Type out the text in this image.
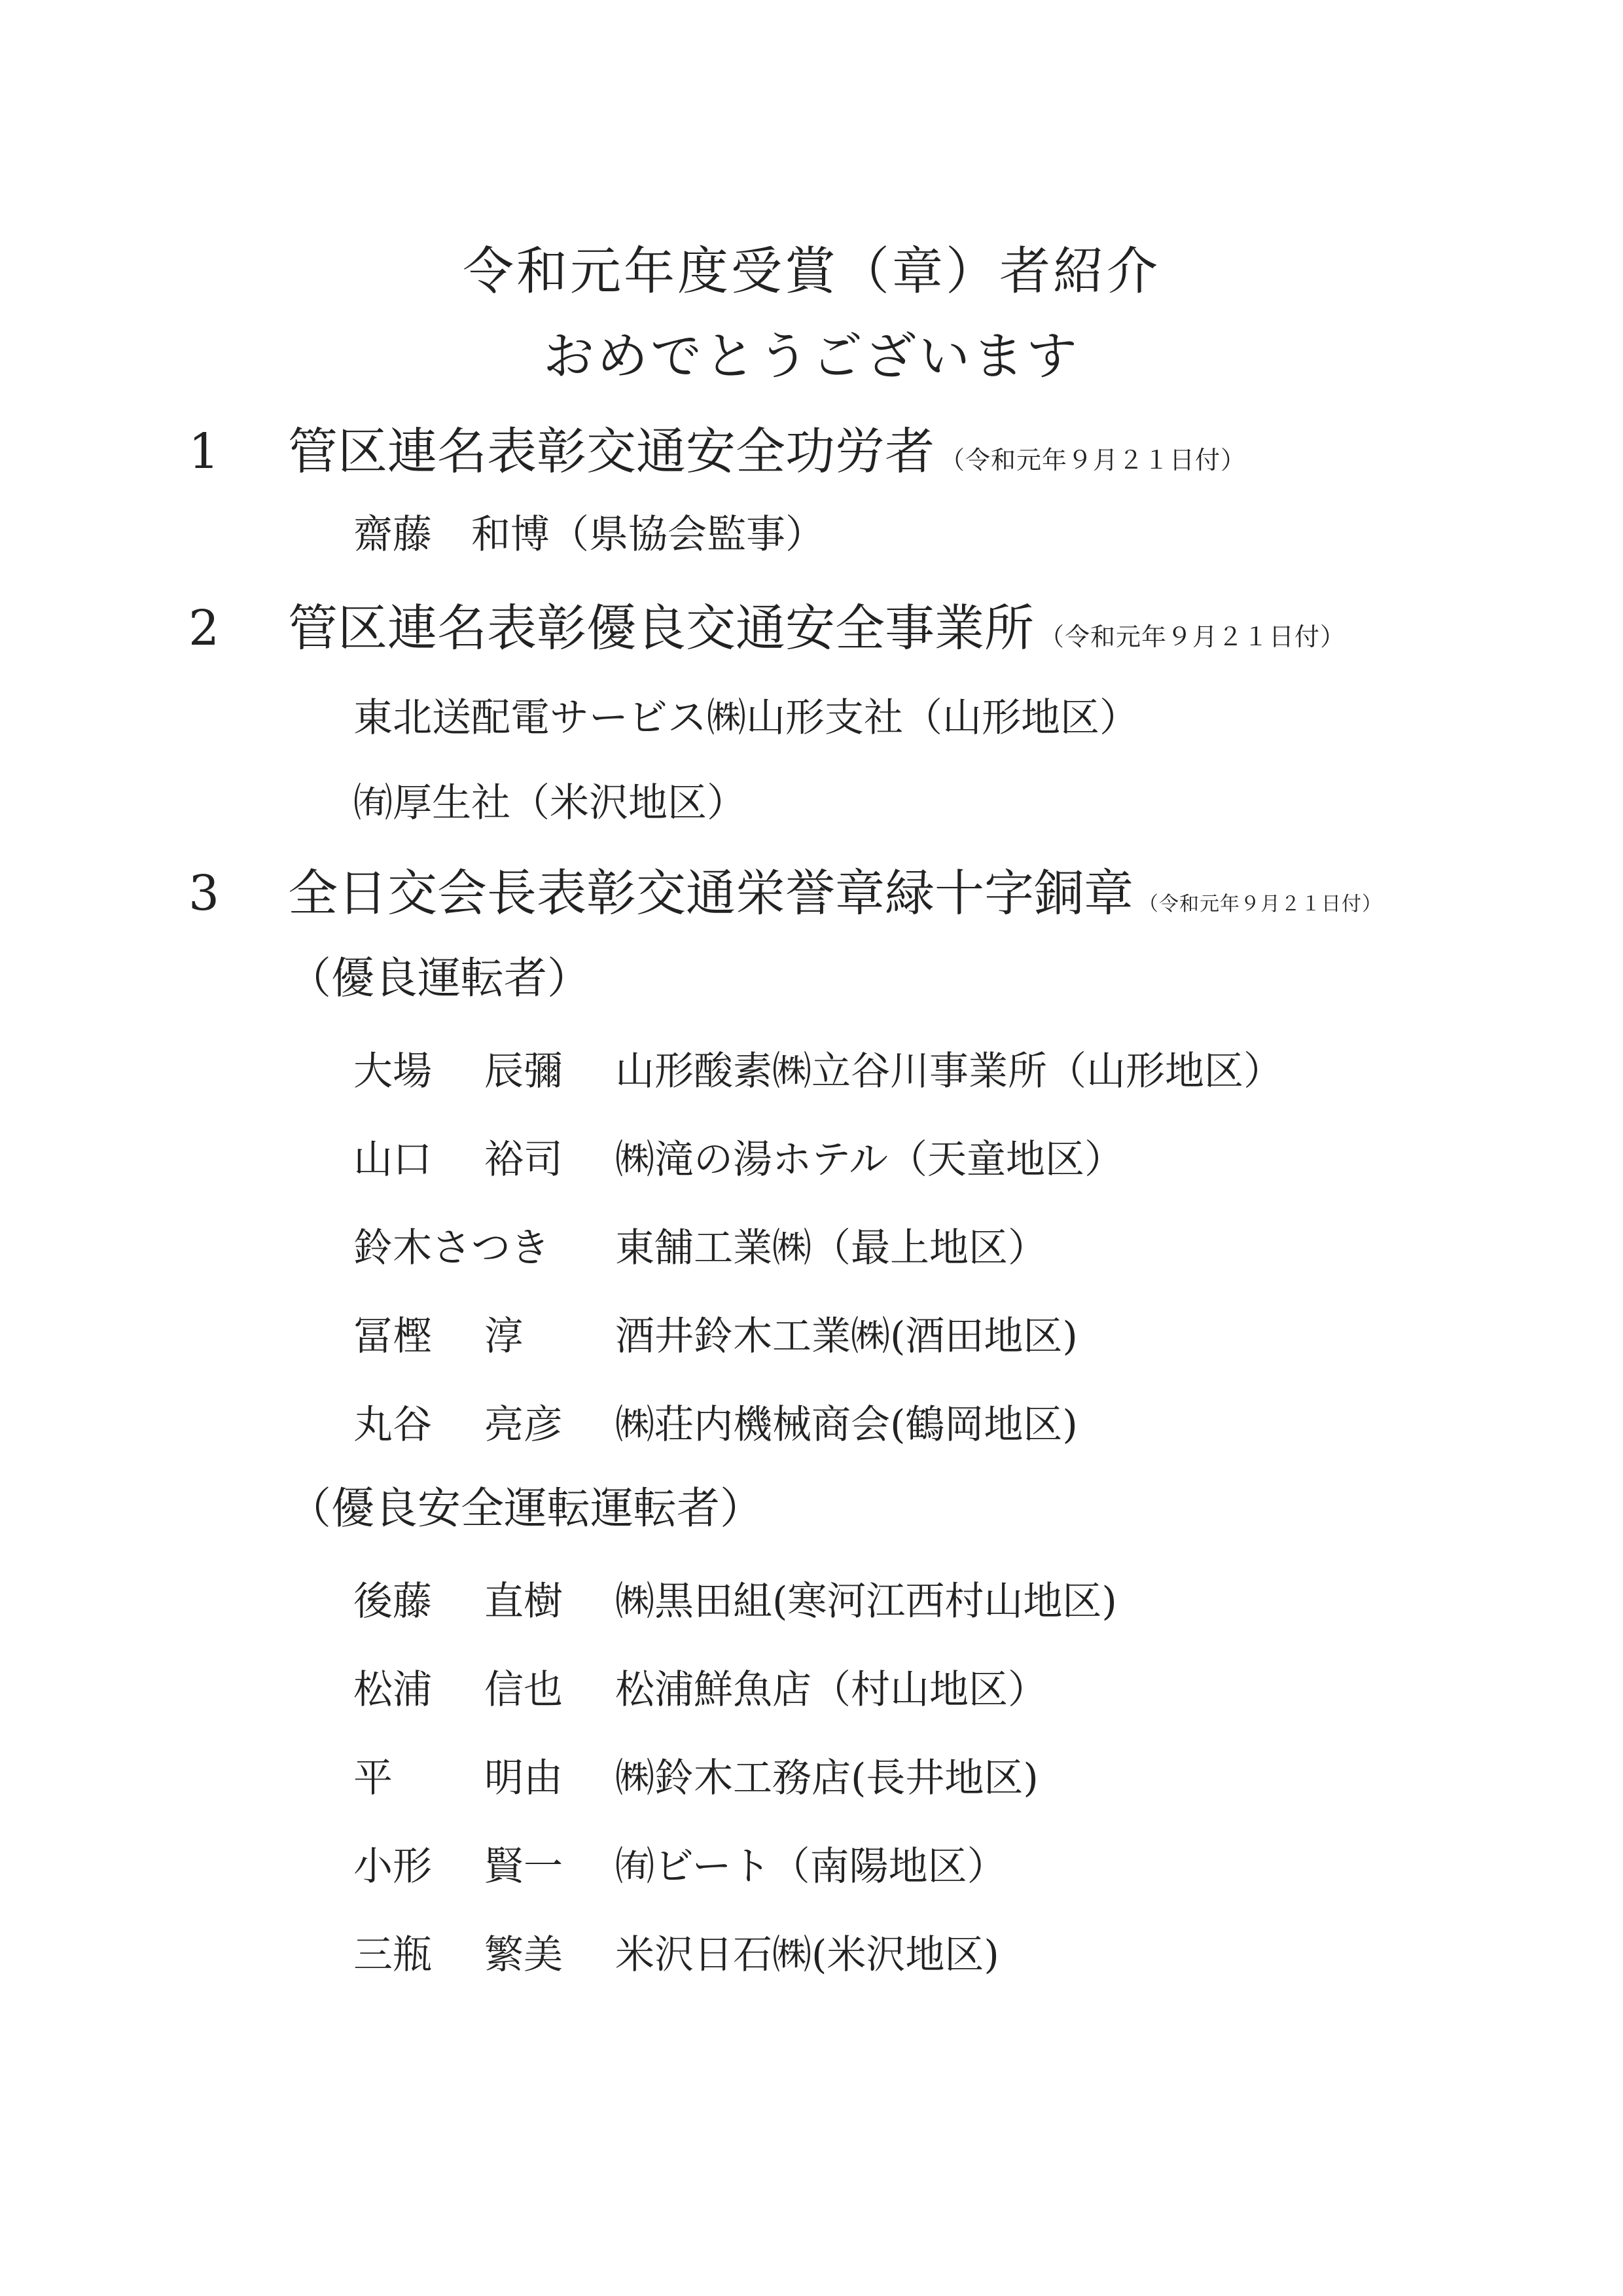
令和元年度受賞（章）者紹介
おめでとうございます
1 管区連名表彰交通安全功労者 （令和元年９月２１日付）
齋藤　和博（県協会監事）
2 管区連名表彰優良交通安全事業所 （令和元年９月２１日付）
東北送配電サービス㈱山形支社（山形地区）
㈲厚生社（米沢地区）
3 全日交会長表彰交通栄誉章緑十字銅章 （令和元年９月２１日付）
（優良運転者）
大場 辰彌 山形酸素㈱立谷川事業所（山形地区）
山口 裕司 ㈱滝の湯ホテル（天童地区）
鈴木さつき 東舗工業㈱（最上地区）
冨樫 淳 酒井鈴木工業㈱(酒田地区)
丸谷 亮彦 ㈱荘内機械商会(鶴岡地区)
（優良安全運転運転者）
後藤 直樹 ㈱黒田組(寒河江西村山地区)
松浦 信也 松浦鮮魚店（村山地区）
平 明由 ㈱鈴木工務店(長井地区)
小形 賢一 ㈲ビート（南陽地区）
三瓶 繁美 米沢日石㈱(米沢地区)
